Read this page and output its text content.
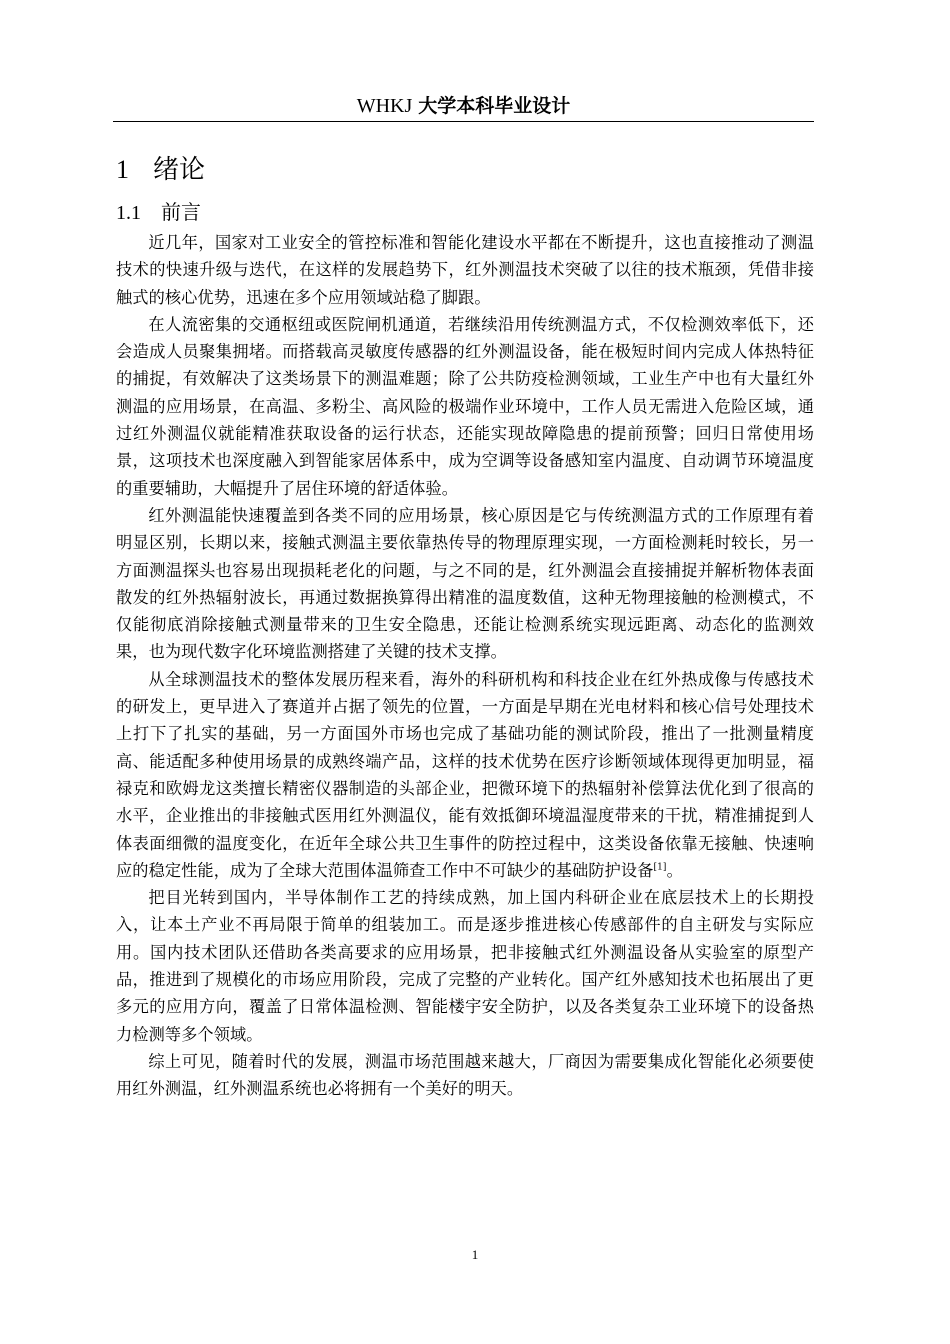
WHKJ 大学本科毕业设计
1 绪论
1.1 前言

近几年，国家对工业安全的管控标准和智能化建设水平都在不断提升，这也直接推动了测温技术的快速升级与迭代，在这样的发展趋势下，红外测温技术突破了以往的技术瓶颈，凭借非接触式的核心优势，迅速在多个应用领域站稳了脚跟。

在人流密集的交通枢纽或医院闸机通道，若继续沿用传统测温方式，不仅检测效率低下，还会造成人员聚集拥堵。而搭载高灵敏度传感器的红外测温设备，能在极短时间内完成人体热特征的捕捉，有效解决了这类场景下的测温难题；除了公共防疫检测领域，工业生产中也有大量红外测温的应用场景，在高温、多粉尘、高风险的极端作业环境中，工作人员无需进入危险区域，通过红外测温仪就能精准获取设备的运行状态，还能实现故障隐患的提前预警；回归日常使用场景，这项技术也深度融入到智能家居体系中，成为空调等设备感知室内温度、自动调节环境温度的重要辅助，大幅提升了居住环境的舒适体验。

红外测温能快速覆盖到各类不同的应用场景，核心原因是它与传统测温方式的工作原理有着明显区别，长期以来，接触式测温主要依靠热传导的物理原理实现，一方面检测耗时较长，另一方面测温探头也容易出现损耗老化的问题，与之不同的是，红外测温会直接捕捉并解析物体表面散发的红外热辐射波长，再通过数据换算得出精准的温度数值，这种无物理接触的检测模式，不仅能彻底消除接触式测量带来的卫生安全隐患，还能让检测系统实现远距离、动态化的监测效果，也为现代数字化环境监测搭建了关键的技术支撑。

从全球测温技术的整体发展历程来看，海外的科研机构和科技企业在红外热成像与传感技术的研发上，更早进入了赛道并占据了领先的位置，一方面是早期在光电材料和核心信号处理技术上打下了扎实的基础，另一方面国外市场也完成了基础功能的测试阶段，推出了一批测量精度高、能适配多种使用场景的成熟终端产品，这样的技术优势在医疗诊断领域体现得更加明显，福禄克和欧姆龙这类擅长精密仪器制造的头部企业，把微环境下的热辐射补偿算法优化到了很高的水平，企业推出的非接触式医用红外测温仪，能有效抵御环境温湿度带来的干扰，精准捕捉到人体表面细微的温度变化，在近年全球公共卫生事件的防控过程中，这类设备依靠无接触、快速响应的稳定性能，成为了全球大范围体温筛查工作中不可缺少的基础防护设备[1]。

把目光转到国内，半导体制作工艺的持续成熟，加上国内科研企业在底层技术上的长期投入，让本土产业不再局限于简单的组装加工。而是逐步推进核心传感部件的自主研发与实际应用。国内技术团队还借助各类高要求的应用场景，把非接触式红外测温设备从实验室的原型产品，推进到了规模化的市场应用阶段，完成了完整的产业转化。国产红外感知技术也拓展出了更多元的应用方向，覆盖了日常体温检测、智能楼宇安全防护，以及各类复杂工业环境下的设备热力检测等多个领域。

综上可见，随着时代的发展，测温市场范围越来越大，厂商因为需要集成化智能化必须要使用红外测温，红外测温系统也必将拥有一个美好的明天。

1
